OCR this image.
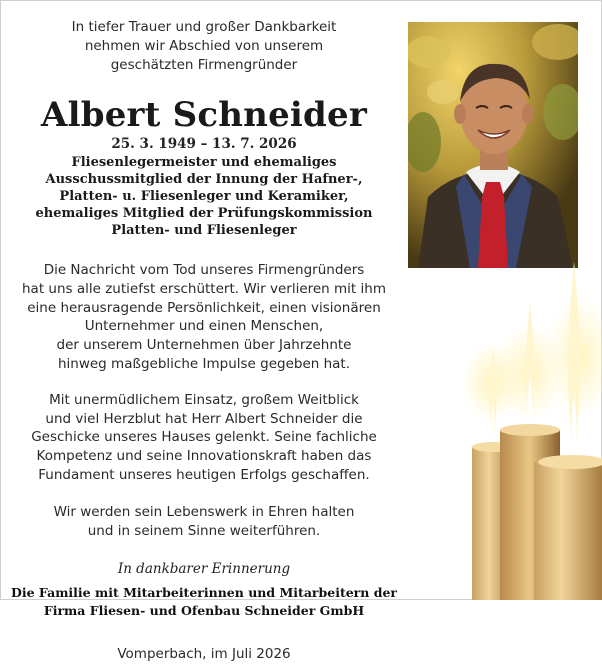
In tiefer Trauer und großer Dankbarkeit
nehmen wir Abschied von unserem
geschätzten Firmengründer
Albert Schneider
25. 3. 1949 – 13. 7. 2026
Fliesenlegermeister und ehemaliges
Ausschussmitglied der Innung der Hafner-,
Platten- u. Fliesenleger und Keramiker,
ehemaliges Mitglied der Prüfungskommission
Platten- und Fliesenleger
Die Nachricht vom Tod unseres Firmengründers
hat uns alle zutiefst erschüttert. Wir verlieren mit ihm
eine herausragende Persönlichkeit, einen visionären
Unternehmer und einen Menschen,
der unserem Unternehmen über Jahrzehnte
hinweg maßgebliche Impulse gegeben hat.
Mit unermüdlichem Einsatz, großem Weitblick
und viel Herzblut hat Herr Albert Schneider die
Geschicke unseres Hauses gelenkt. Seine fachliche
Kompetenz und seine Innovationskraft haben das
Fundament unseres heutigen Erfolgs geschaffen.
Wir werden sein Lebenswerk in Ehren halten
und in seinem Sinne weiterführen.
In dankbarer Erinnerung
Die Familie mit Mitarbeiterinnen und Mitarbeitern der
Firma Fliesen- und Ofenbau Schneider GmbH
Vomperbach, im Juli 2026
